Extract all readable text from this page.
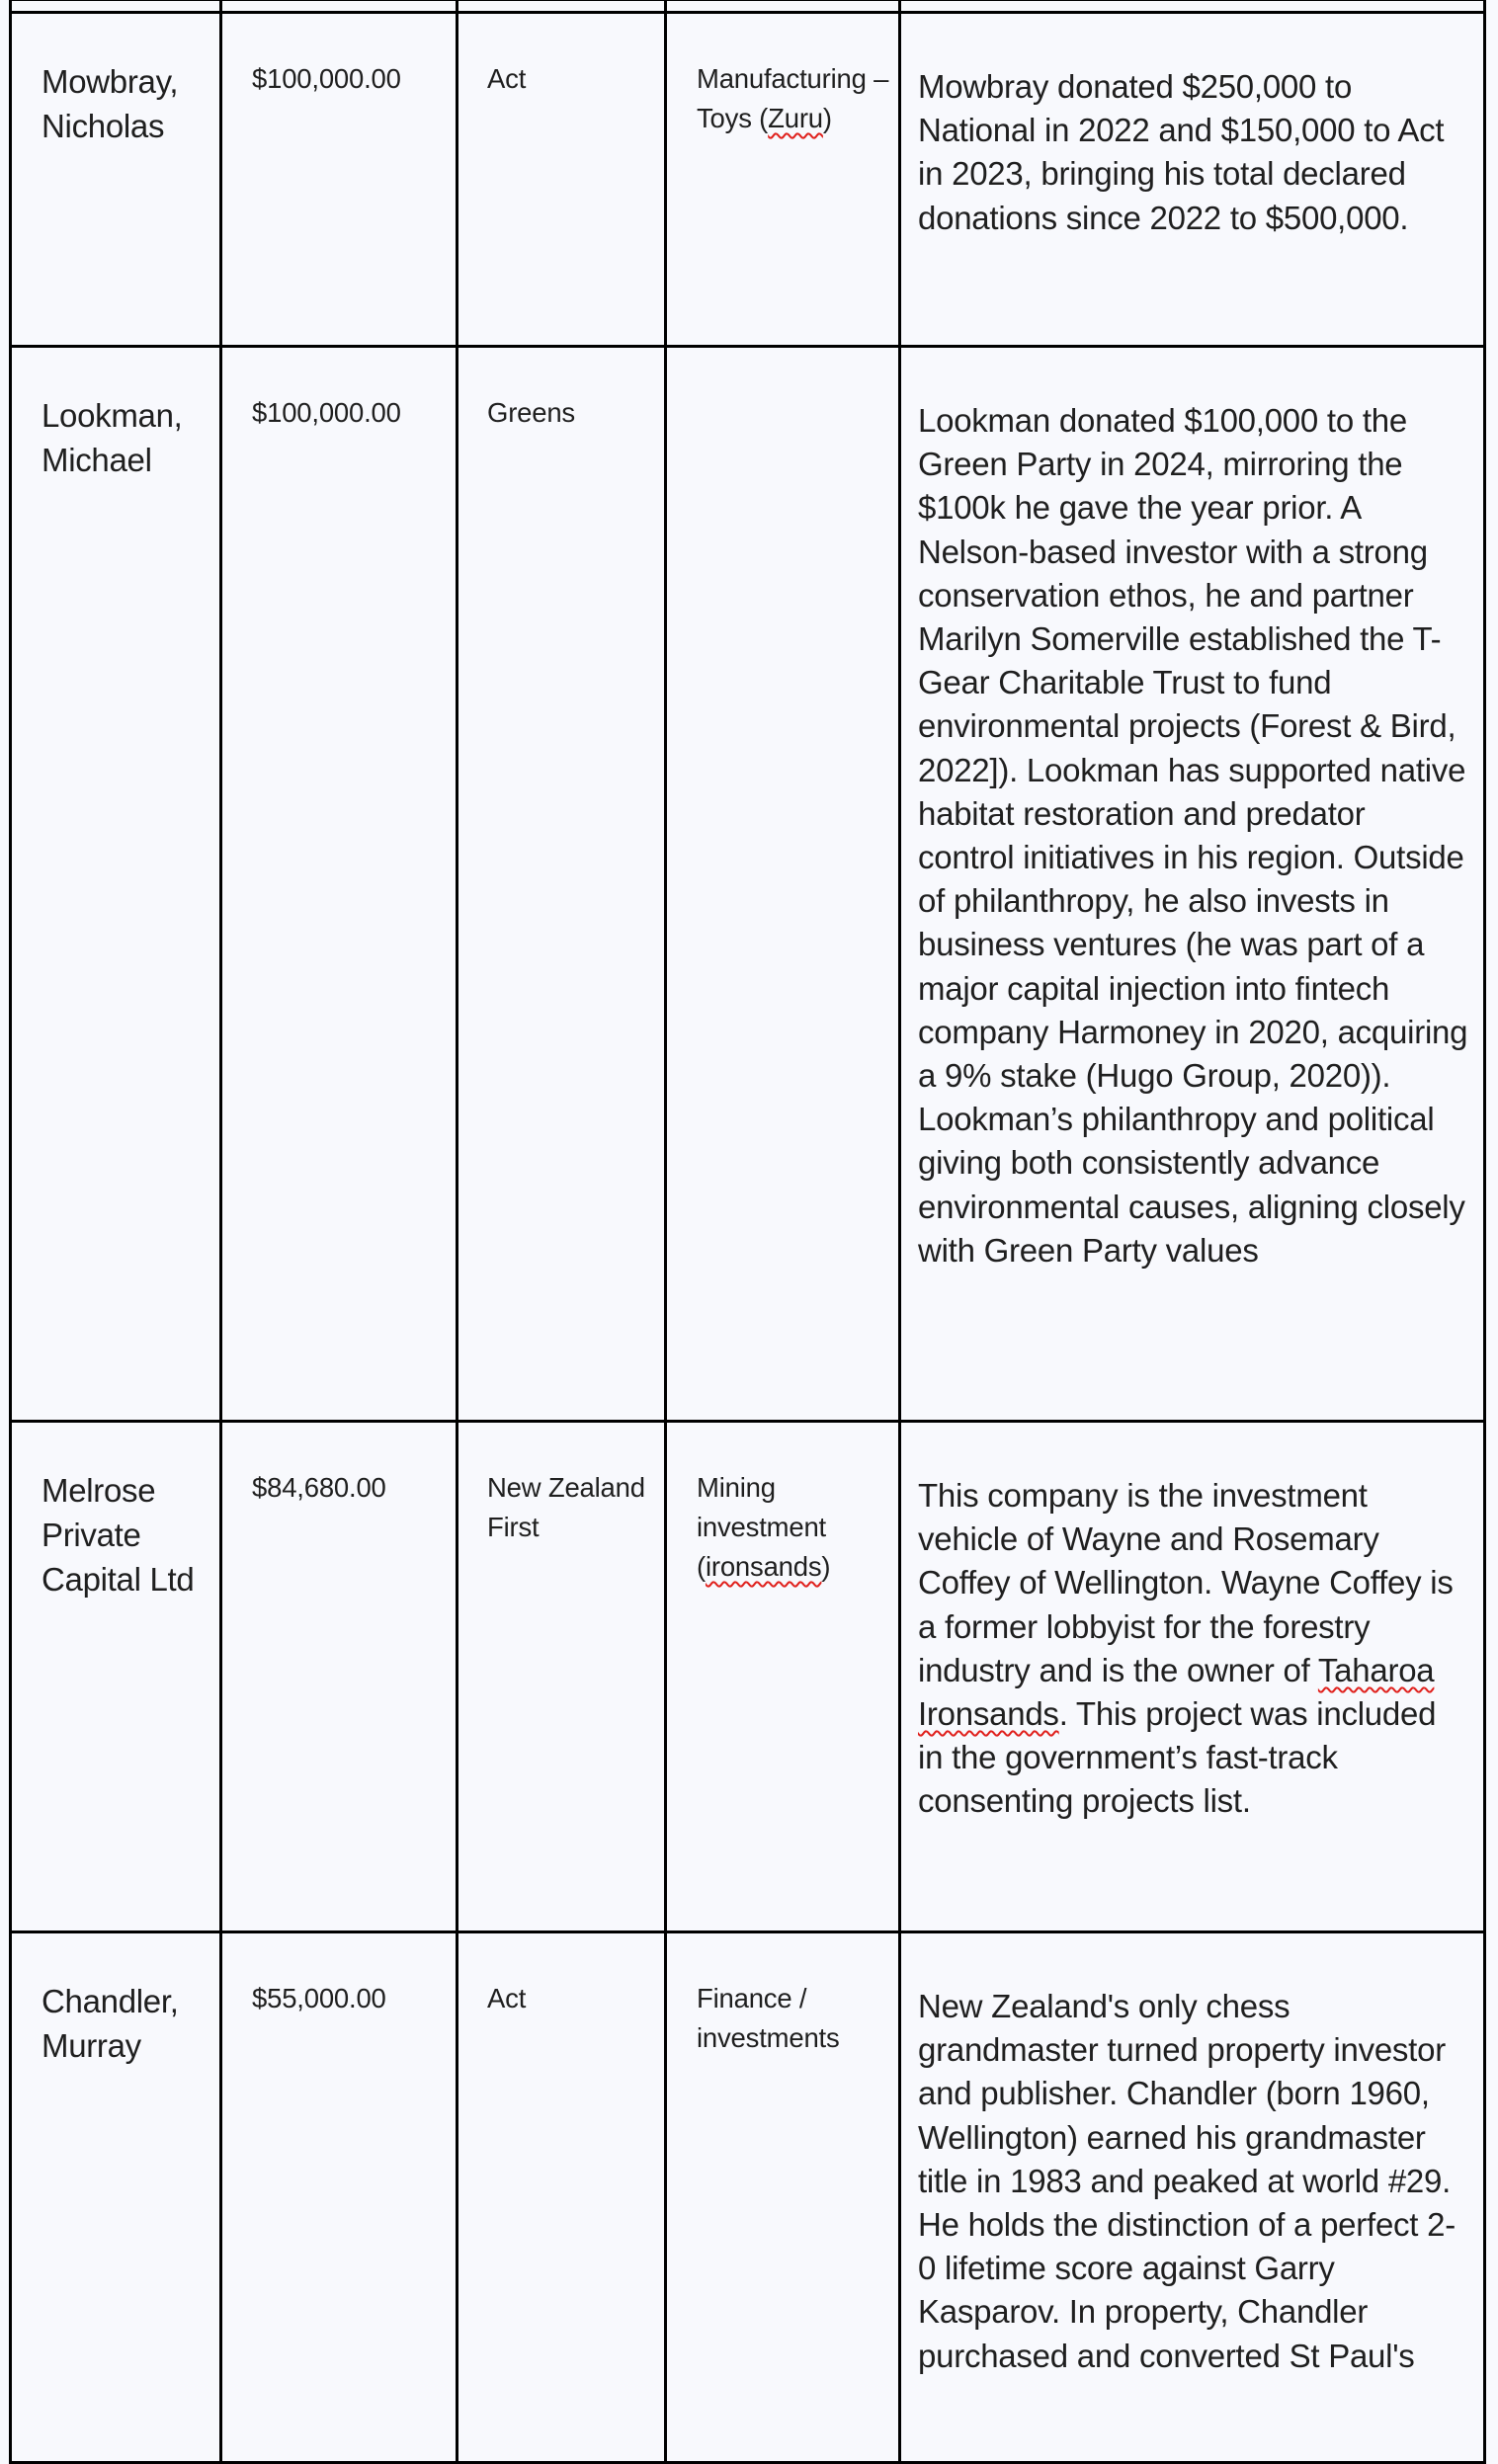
Mowbray, Nicholas	$100,000.00	Act	Manufacturing – Toys (Zuru)	Mowbray donated $250,000 to National in 2022 and $150,000 to Act in 2023, bringing his total declared donations since 2022 to $500,000.
Lookman, Michael	$100,000.00	Greens		Lookman donated $100,000 to the Green Party in 2024, mirroring the $100k he gave the year prior. A Nelson-based investor with a strong conservation ethos, he and partner Marilyn Somerville established the T-Gear Charitable Trust to fund environmental projects (Forest & Bird, 2022]). Lookman has supported native habitat restoration and predator control initiatives in his region. Outside of philanthropy, he also invests in business ventures (he was part of a major capital injection into fintech company Harmoney in 2020, acquiring a 9% stake (Hugo Group, 2020)). Lookman’s philanthropy and political giving both consistently advance environmental causes, aligning closely with Green Party values
Melrose Private Capital Ltd	$84,680.00	New Zealand First	Mining investment (ironsands)	This company is the investment vehicle of Wayne and Rosemary Coffey of Wellington. Wayne Coffey is a former lobbyist for the forestry industry and is the owner of Taharoa Ironsands. This project was included in the government’s fast-track consenting projects list.
Chandler, Murray	$55,000.00	Act	Finance / investments	New Zealand's only chess grandmaster turned property investor and publisher. Chandler (born 1960, Wellington) earned his grandmaster title in 1983 and peaked at world #29. He holds the distinction of a perfect 2-0 lifetime score against Garry Kasparov. In property, Chandler purchased and converted St Paul's
